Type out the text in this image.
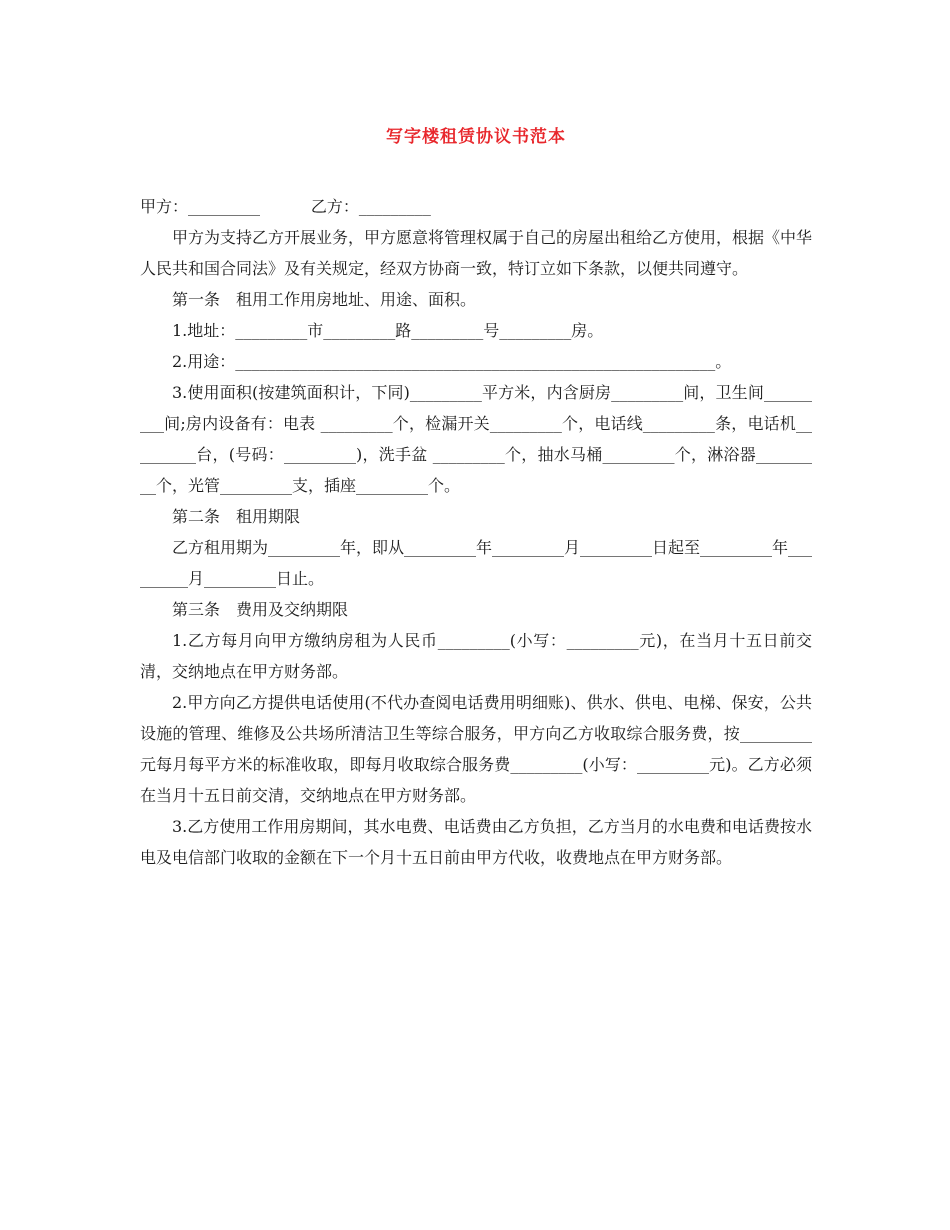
写字楼租赁协议书范本

甲方：_________          乙方：_________

甲方为支持乙方开展业务，甲方愿意将管理权属于自己的房屋出租给乙方使用，根据《中华人民共和国合同法》及有关规定，经双方协商一致，特订立如下条款，以便共同遵守。

第一条　租用工作用房地址、用途、面积。

1.地址：_________市_________路_________号_________房。

2.用途：____________________________________________________________。

3.使用面积(按建筑面积计，下同)_________平方米，内含厨房_________间，卫生间_________间;房内设备有：电表 _________个，检漏开关_________个，电话线_________条，电话机_________台，(号码：_________)，洗手盆 _________个，抽水马桶_________个，淋浴器_________个，光管_________支，插座_________个。

第二条　租用期限

乙方租用期为_________年，即从_________年_________月_________日起至_________年_________月_________日止。

第三条　费用及交纳期限

1.乙方每月向甲方缴纳房租为人民币_________(小写：_________元)，在当月十五日前交清，交纳地点在甲方财务部。

2.甲方向乙方提供电话使用(不代办查阅电话费用明细账)、供水、供电、电梯、保安，公共设施的管理、维修及公共场所清洁卫生等综合服务，甲方向乙方收取综合服务费，按_________元每月每平方米的标准收取，即每月收取综合服务费_________(小写：_________元)。乙方必须在当月十五日前交清，交纳地点在甲方财务部。

3.乙方使用工作用房期间，其水电费、电话费由乙方负担，乙方当月的水电费和电话费按水电及电信部门收取的金额在下一个月十五日前由甲方代收，收费地点在甲方财务部。
